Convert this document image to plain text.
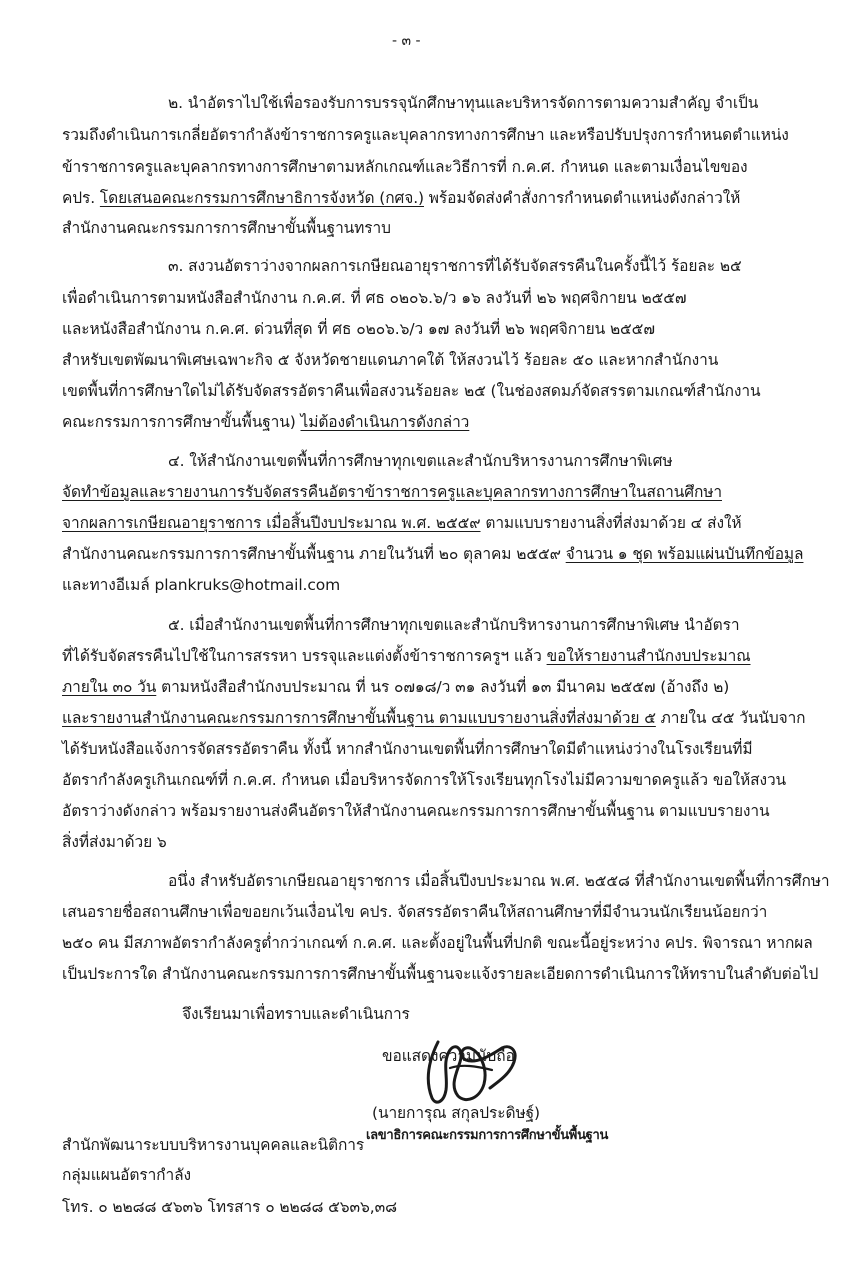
- ๓ -
๒. นำอัตราไปใช้เพื่อรองรับการบรรจุนักศึกษาทุนและบริหารจัดการตามความสำคัญ จำเป็น
รวมถึงดำเนินการเกลี่ยอัตรากำลังข้าราชการครูและบุคลากรทางการศึกษา และหรือปรับปรุงการกำหนดตำแหน่ง
ข้าราชการครูและบุคลากรทางการศึกษาตามหลักเกณฑ์และวิธีการที่ ก.ค.ศ. กำหนด และตามเงื่อนไขของ
คปร. โดยเสนอคณะกรรมการศึกษาธิการจังหวัด (กศจ.) พร้อมจัดส่งคำสั่งการกำหนดตำแหน่งดังกล่าวให้
สำนักงานคณะกรรมการการศึกษาขั้นพื้นฐานทราบ
๓. สงวนอัตราว่างจากผลการเกษียณอายุราชการที่ได้รับจัดสรรคืนในครั้งนี้ไว้ ร้อยละ ๒๕
เพื่อดำเนินการตามหนังสือสำนักงาน ก.ค.ศ. ที่ ศธ ๐๒๐๖.๖/ว ๑๖ ลงวันที่ ๒๖ พฤศจิกายน ๒๕๕๗
และหนังสือสำนักงาน ก.ค.ศ. ด่วนที่สุด ที่ ศธ ๐๒๐๖.๖/ว ๑๗ ลงวันที่ ๒๖ พฤศจิกายน ๒๕๕๗
สำหรับเขตพัฒนาพิเศษเฉพาะกิจ ๕ จังหวัดชายแดนภาคใต้ ให้สงวนไว้ ร้อยละ ๕๐ และหากสำนักงาน
เขตพื้นที่การศึกษาใดไม่ได้รับจัดสรรอัตราคืนเพื่อสงวนร้อยละ ๒๕ (ในช่องสดมภ์จัดสรรตามเกณฑ์สำนักงาน
คณะกรรมการการศึกษาขั้นพื้นฐาน) ไม่ต้องดำเนินการดังกล่าว
๔. ให้สำนักงานเขตพื้นที่การศึกษาทุกเขตและสำนักบริหารงานการศึกษาพิเศษ
จัดทำข้อมูลและรายงานการรับจัดสรรคืนอัตราข้าราชการครูและบุคลากรทางการศึกษาในสถานศึกษา
จากผลการเกษียณอายุราชการ เมื่อสิ้นปีงบประมาณ พ.ศ. ๒๕๕๙ ตามแบบรายงานสิ่งที่ส่งมาด้วย ๔ ส่งให้
สำนักงานคณะกรรมการการศึกษาขั้นพื้นฐาน ภายในวันที่ ๒๐ ตุลาคม ๒๕๕๙ จำนวน ๑ ชุด พร้อมแผ่นบันทึกข้อมูล
และทางอีเมล์ plankruks@hotmail.com
๕. เมื่อสำนักงานเขตพื้นที่การศึกษาทุกเขตและสำนักบริหารงานการศึกษาพิเศษ นำอัตรา
ที่ได้รับจัดสรรคืนไปใช้ในการสรรหา บรรจุและแต่งตั้งข้าราชการครูฯ แล้ว ขอให้รายงานสำนักงบประมาณ
ภายใน ๓๐ วัน ตามหนังสือสำนักงบประมาณ ที่ นร ๐๗๑๘/ว ๓๑ ลงวันที่ ๑๓ มีนาคม ๒๕๕๗ (อ้างถึง ๒)
และรายงานสำนักงานคณะกรรมการการศึกษาขั้นพื้นฐาน ตามแบบรายงานสิ่งที่ส่งมาด้วย ๕ ภายใน ๔๕ วันนับจาก
ได้รับหนังสือแจ้งการจัดสรรอัตราคืน ทั้งนี้ หากสำนักงานเขตพื้นที่การศึกษาใดมีตำแหน่งว่างในโรงเรียนที่มี
อัตรากำลังครูเกินเกณฑ์ที่ ก.ค.ศ. กำหนด เมื่อบริหารจัดการให้โรงเรียนทุกโรงไม่มีความขาดครูแล้ว ขอให้สงวน
อัตราว่างดังกล่าว พร้อมรายงานส่งคืนอัตราให้สำนักงานคณะกรรมการการศึกษาขั้นพื้นฐาน ตามแบบรายงาน
สิ่งที่ส่งมาด้วย ๖
อนึ่ง สำหรับอัตราเกษียณอายุราชการ เมื่อสิ้นปีงบประมาณ พ.ศ. ๒๕๕๘ ที่สำนักงานเขตพื้นที่การศึกษา
เสนอรายชื่อสถานศึกษาเพื่อขอยกเว้นเงื่อนไข คปร. จัดสรรอัตราคืนให้สถานศึกษาที่มีจำนวนนักเรียนน้อยกว่า
๒๕๐ คน มีสภาพอัตรากำลังครูต่ำกว่าเกณฑ์ ก.ค.ศ. และตั้งอยู่ในพื้นที่ปกติ ขณะนี้อยู่ระหว่าง คปร. พิจารณา หากผล
เป็นประการใด สำนักงานคณะกรรมการการศึกษาขั้นพื้นฐานจะแจ้งรายละเอียดการดำเนินการให้ทราบในลำดับต่อไป
จึงเรียนมาเพื่อทราบและดำเนินการ
ขอแสดงความนับถือ
(นายการุณ สกุลประดิษฐ์)
เลขาธิการคณะกรรมการการศึกษาขั้นพื้นฐาน
สำนักพัฒนาระบบบริหารงานบุคคลและนิติการ
กลุ่มแผนอัตรากำลัง
โทร. ๐ ๒๒๘๘ ๕๖๓๖ โทรสาร ๐ ๒๒๘๘ ๕๖๓๖,๓๘
